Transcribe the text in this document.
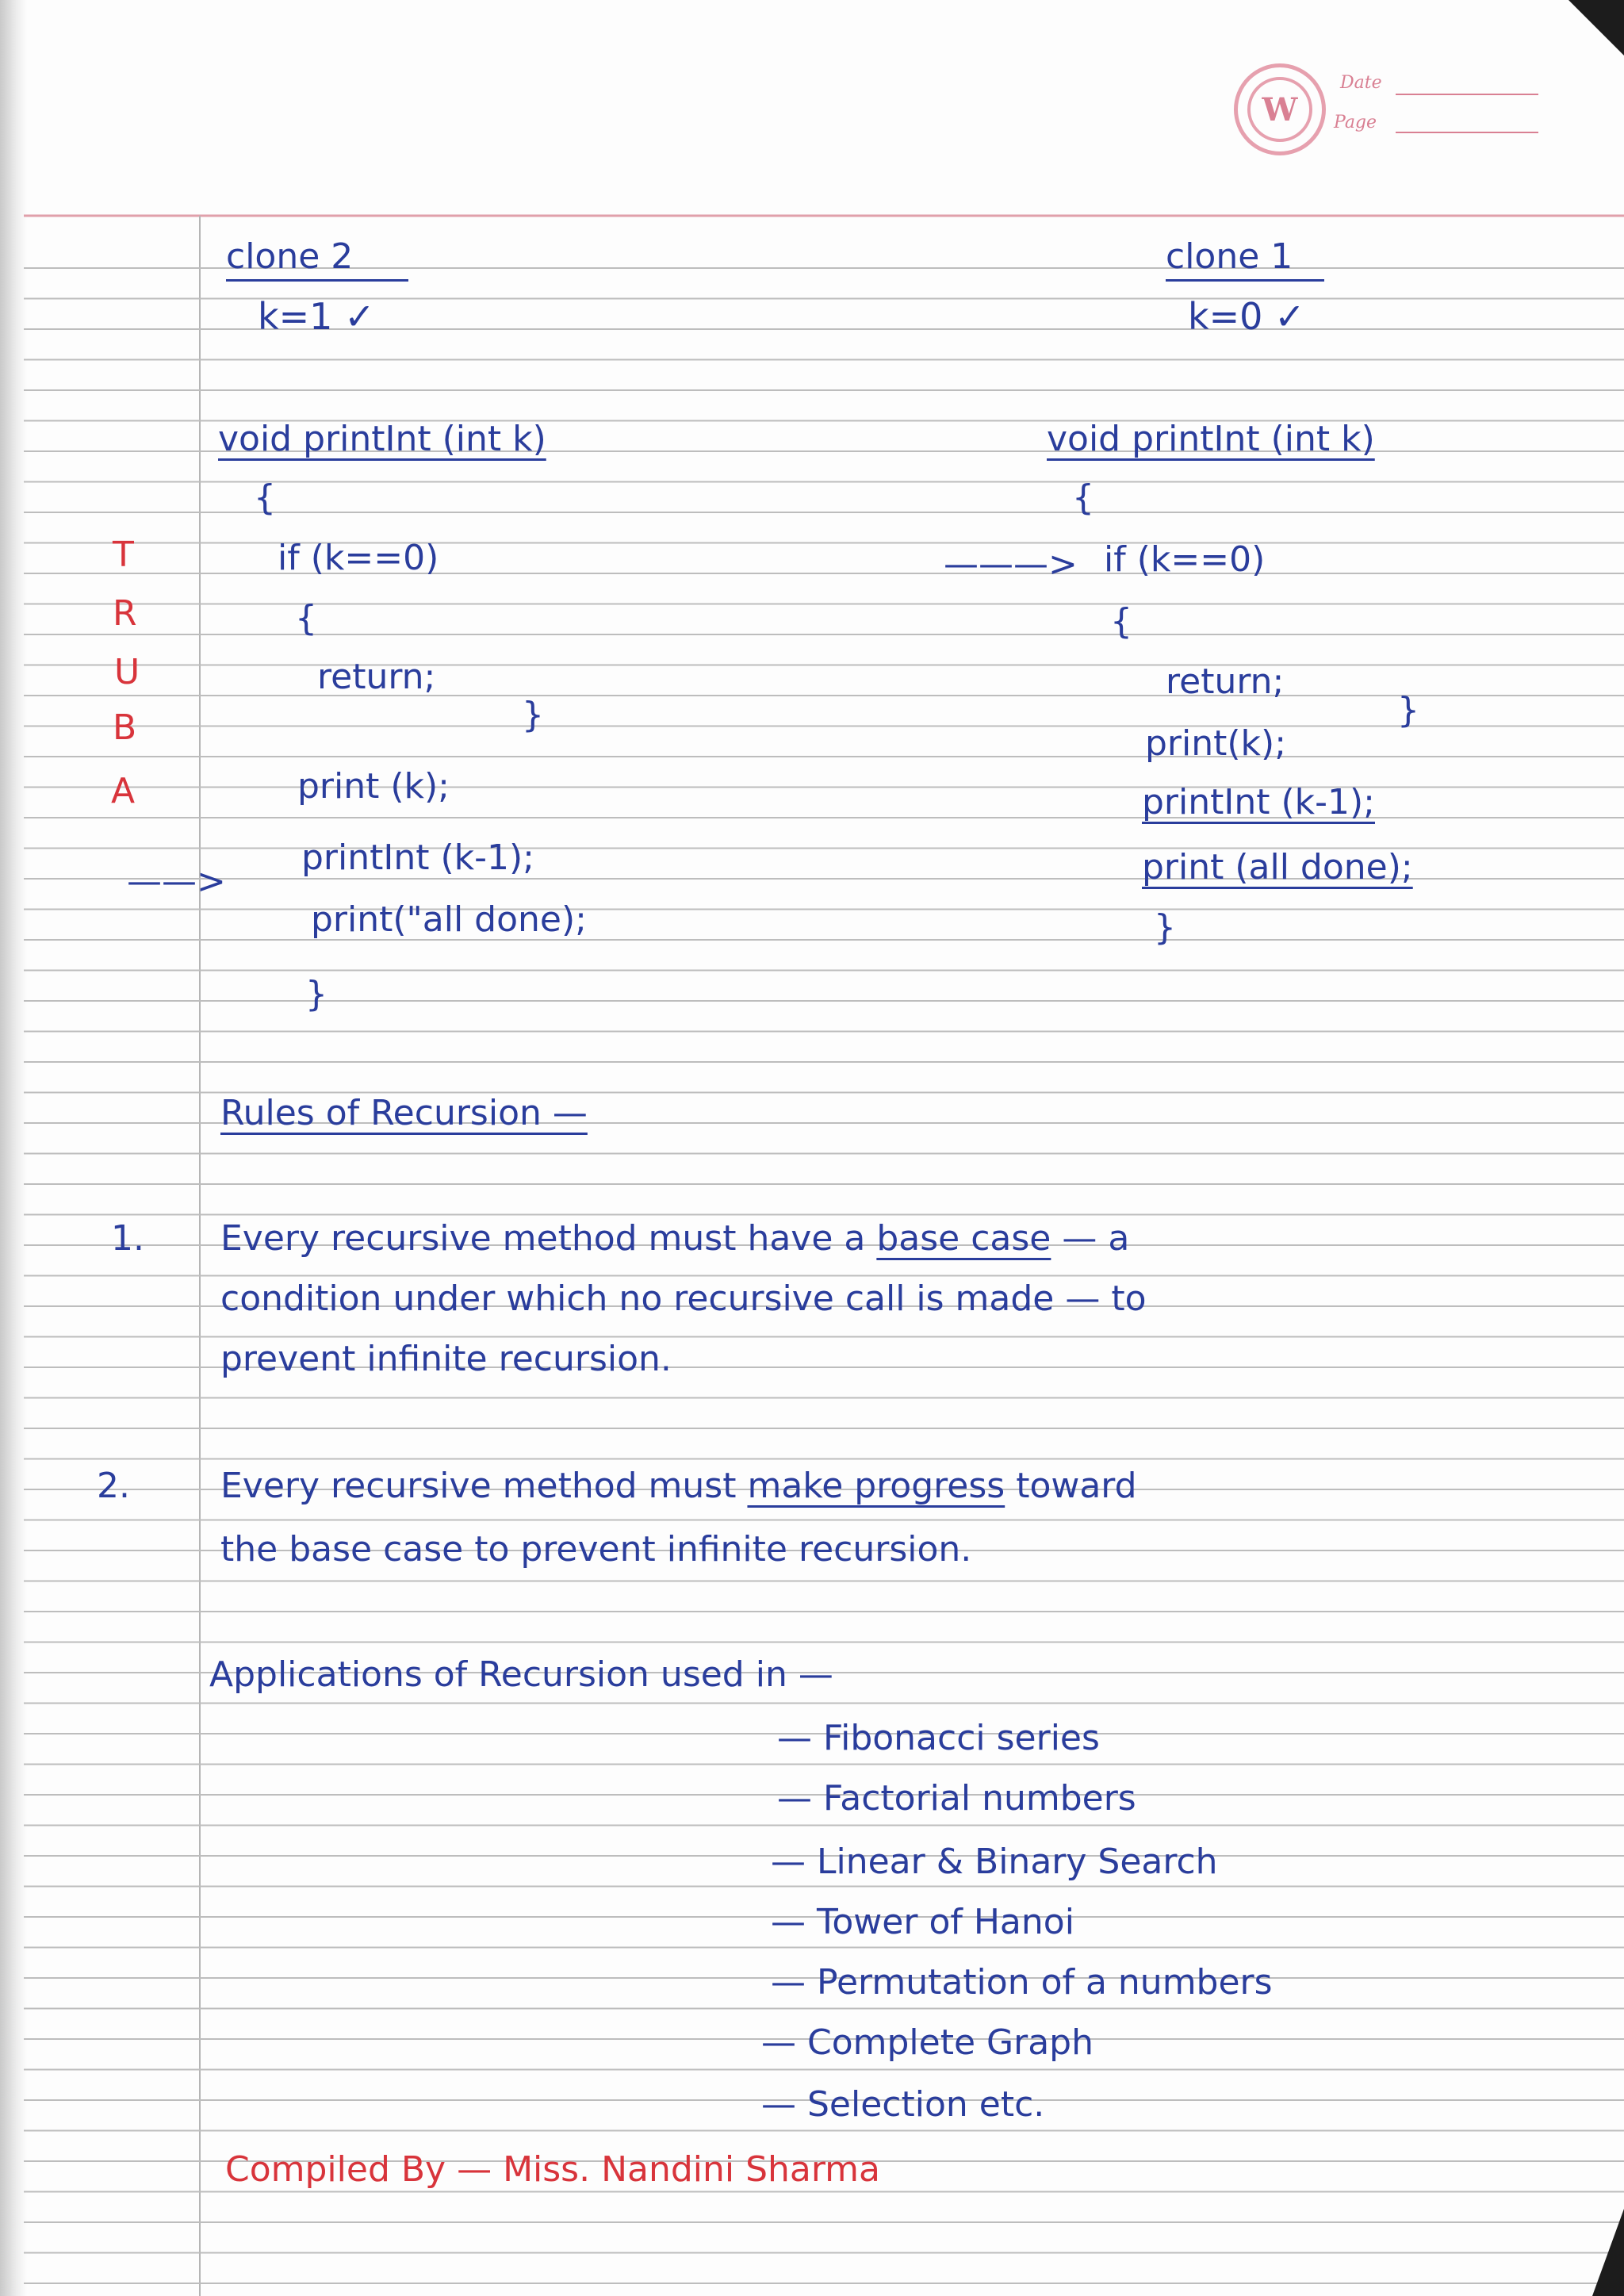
W
Date
Page
clone 2
k=1 ✓
clone 1
k=0 ✓
T
R
U
B
A
void printInt (int k)
{
if (k==0)
{
return;
}
print (k);
——>
printInt (k-1);
print("all done);
}
void printInt (int k)
{
———> if (k==0)
{
return;
}
print(k);
printInt (k-1);
print (all done);
}
Rules of Recursion —
1. Every recursive method must have a base case — a
condition under which no recursive call is made — to
prevent infinite recursion.
2.	Every recursive method must make progress toward
the base case to prevent infinite recursion.
Applications of Recursion used in —
— Fibonacci series
— Factorial numbers
— Linear & Binary Search
— Tower of Hanoi
— Permutation of a numbers
— Complete Graph
— Selection etc.
Compiled By — Miss. Nandini Sharma
